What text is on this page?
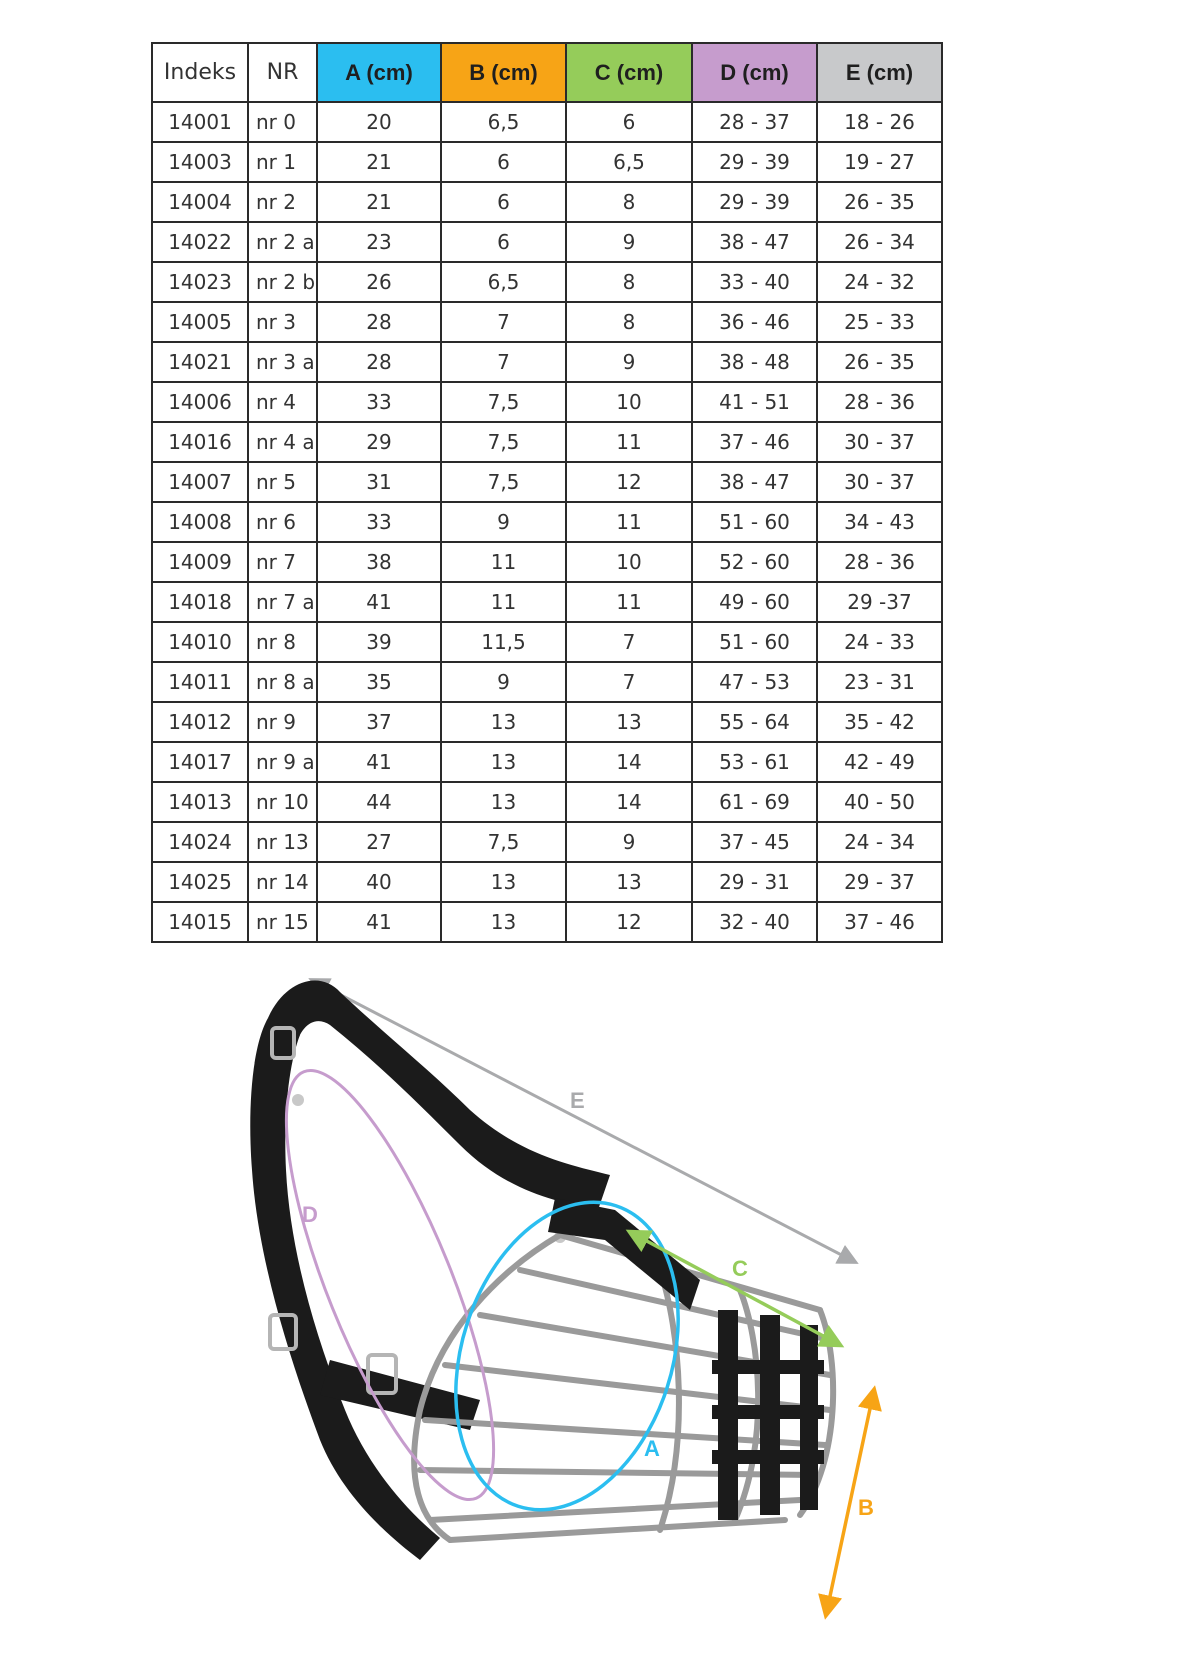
Indeks	NR	A (cm)	B (cm)	C (cm)	D (cm)	E (cm)
14001	nr 0	20	6,5	6	28 - 37	18 - 26
14003	nr 1	21	6	6,5	29 - 39	19 - 27
14004	nr 2	21	6	8	29 - 39	26 - 35
14022	nr 2 a	23	6	9	38 - 47	26 - 34
14023	nr 2 b	26	6,5	8	33 - 40	24 - 32
14005	nr 3	28	7	8	36 - 46	25 - 33
14021	nr 3 a	28	7	9	38 - 48	26 - 35
14006	nr 4	33	7,5	10	41 - 51	28 - 36
14016	nr 4 a	29	7,5	11	37 - 46	30 - 37
14007	nr 5	31	7,5	12	38 - 47	30 - 37
14008	nr 6	33	9	11	51 - 60	34 - 43
14009	nr 7	38	11	10	52 - 60	28 - 36
14018	nr 7 a	41	11	11	49 - 60	29 -37
14010	nr 8	39	11,5	7	51 - 60	24 - 33
14011	nr 8 a	35	9	7	47 - 53	23 - 31
14012	nr 9	37	13	13	55 - 64	35 - 42
14017	nr 9 a	41	13	14	53 - 61	42 - 49
14013	nr 10	44	13	14	61 - 69	40 - 50
14024	nr 13	27	7,5	9	37 - 45	24 - 34
14025	nr 14	40	13	13	29 - 31	29 - 37
14015	nr 15	41	13	12	32 - 40	37 - 46
E
D
A
C
B
